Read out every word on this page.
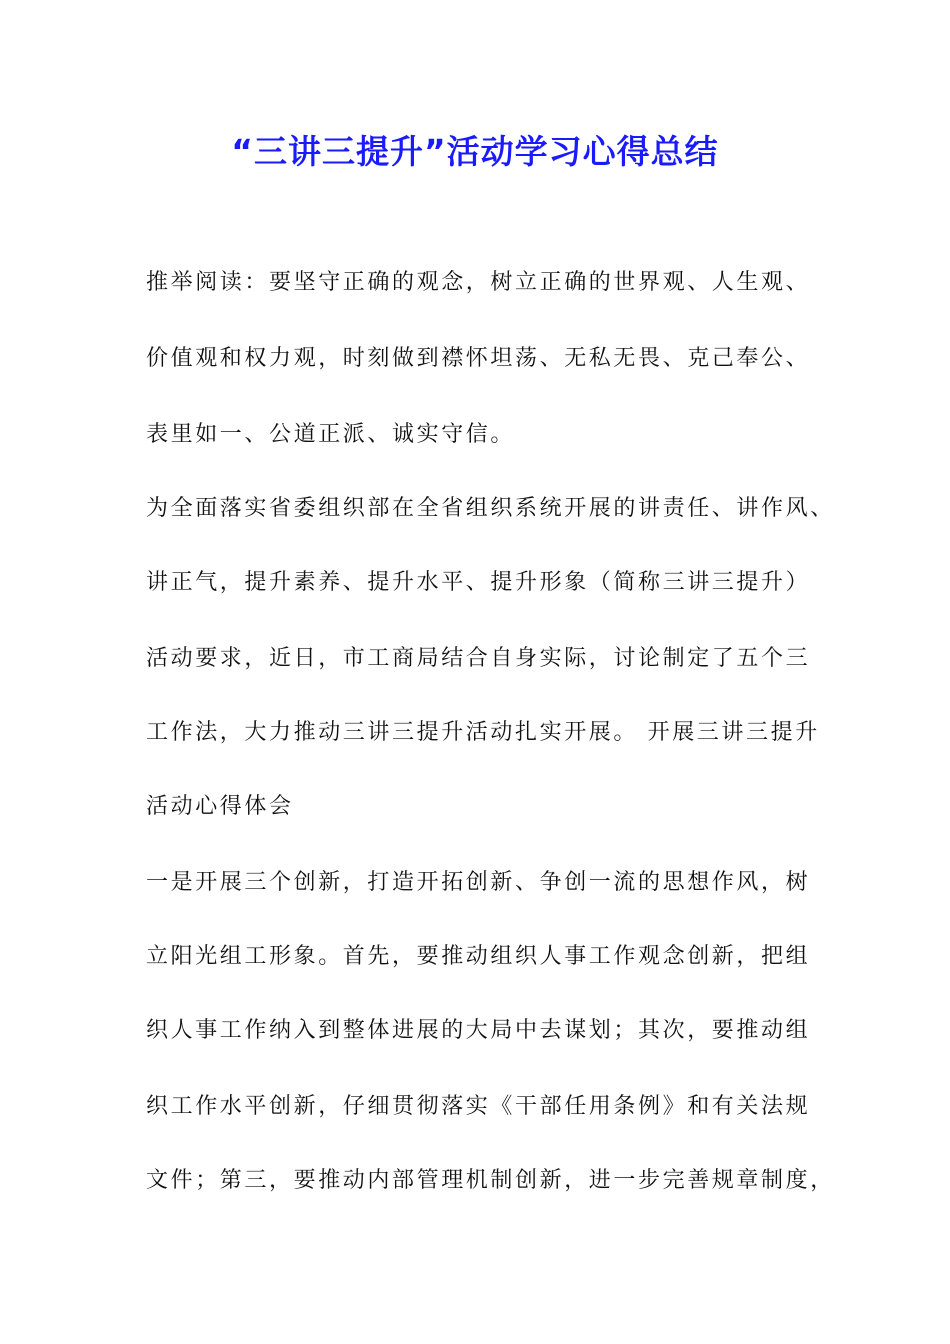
“三讲三提升”活动学习心得总结
推举阅读：要坚守正确的观念，树立正确的世界观、人生观、
价值观和权力观，时刻做到襟怀坦荡、无私无畏、克己奉公、
表里如一、公道正派、诚实守信。
为全面落实省委组织部在全省组织系统开展的讲责任、讲作风、
讲正气，提升素养、提升水平、提升形象（简称三讲三提升）
活动要求，近日，市工商局结合自身实际，讨论制定了五个三
工作法，大力推动三讲三提升活动扎实开展。 开展三讲三提升
活动心得体会
一是开展三个创新，打造开拓创新、争创一流的思想作风，树
立阳光组工形象。首先，要推动组织人事工作观念创新，把组
织人事工作纳入到整体进展的大局中去谋划；其次，要推动组
织工作水平创新，仔细贯彻落实《干部任用条例》和有关法规
文件；第三，要推动内部管理机制创新，进一步完善规章制度，
